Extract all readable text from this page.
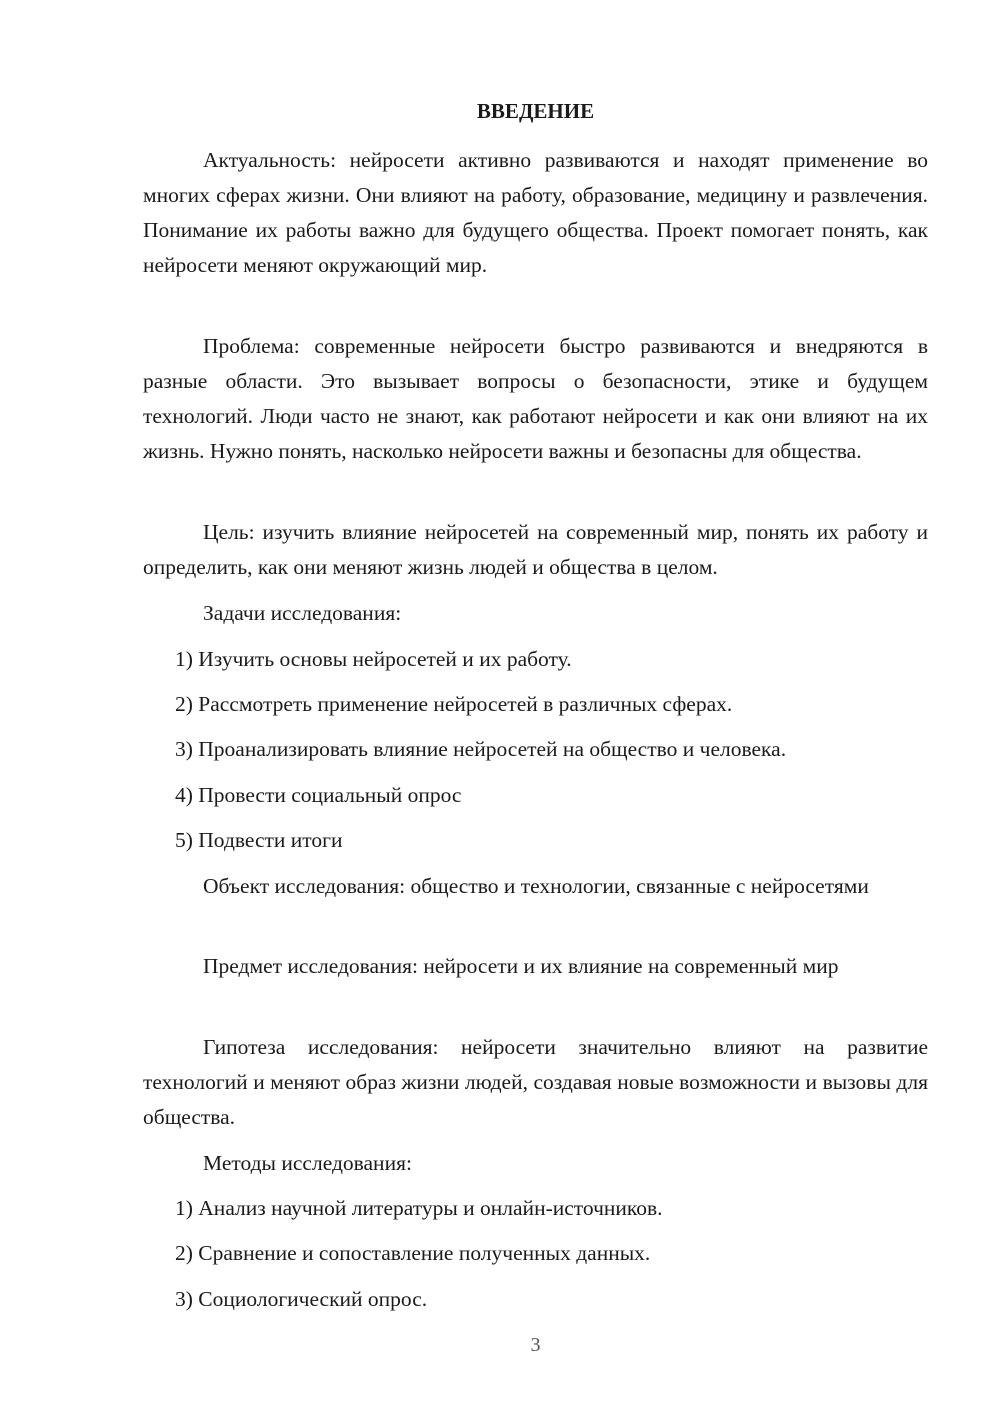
ВВЕДЕНИЕ

Актуальность: нейросети активно развиваются и находят применение во многих сферах жизни. Они влияют на работу, образование, медицину и развлечения. Понимание их работы важно для будущего общества. Проект помогает понять, как нейросети меняют окружающий мир.

Проблема: современные нейросети быстро развиваются и внедряются в разные области. Это вызывает вопросы о безопасности, этике и будущем технологий. Люди часто не знают, как работают нейросети и как они влияют на их жизнь. Нужно понять, насколько нейросети важны и безопасны для общества.

Цель: изучить влияние нейросетей на современный мир, понять их работу и определить, как они меняют жизнь людей и общества в целом.

Задачи исследования:

1) Изучить основы нейросетей и их работу.

2) Рассмотреть применение нейросетей в различных сферах.

3) Проанализировать влияние нейросетей на общество и человека.

4) Провести социальный опрос

5) Подвести итоги

Объект исследования: общество и технологии, связанные с нейросетями

Предмет исследования: нейросети и их влияние на современный мир

Гипотеза исследования: нейросети значительно влияют на развитие технологий и меняют образ жизни людей, создавая новые возможности и вызовы для общества.

Методы исследования:

1) Анализ научной литературы и онлайн-источников.

2) Сравнение и сопоставление полученных данных.

3) Социологический опрос.

3
